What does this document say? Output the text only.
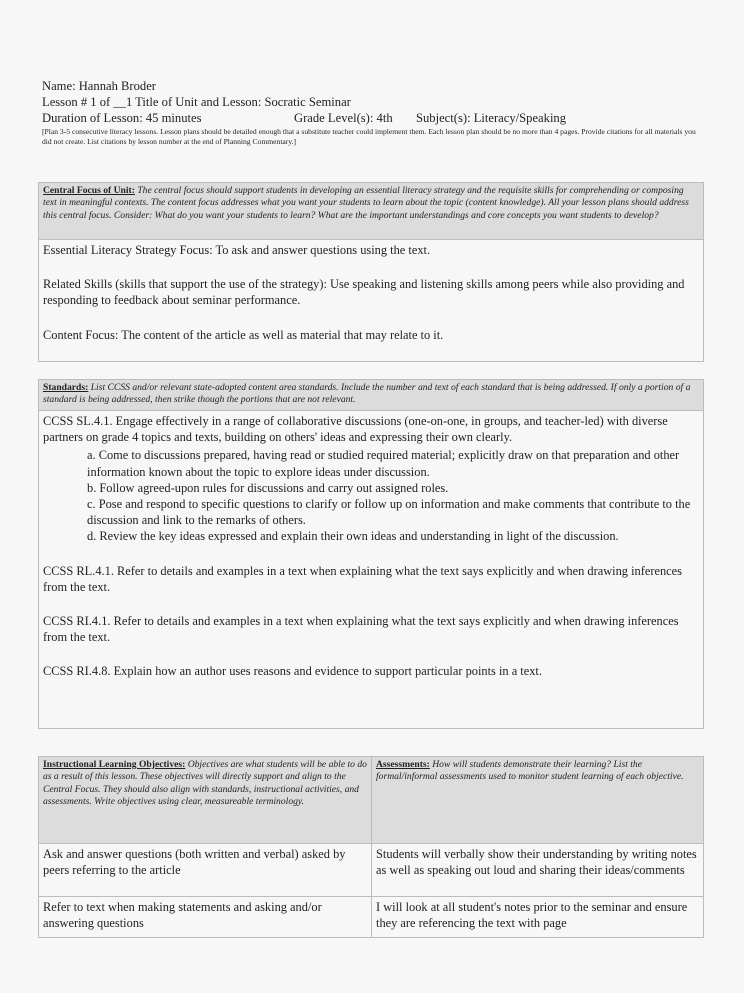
Name: Hannah Broder
Lesson # 1 of __1 Title of Unit and Lesson: Socratic Seminar
Duration of Lesson: 45 minutes	Grade Level(s): 4th Subject(s): Literacy/Speaking
[Plan 3-5 consecutive literacy lessons. Lesson plans should be detailed enough that a substitute teacher could implement them. Each lesson plan should be no more than 4 pages. Provide citations for all materials you did not create. List citations by lesson number at the end of Planning Commentary.]
Central Focus of Unit: The central focus should support students in developing an essential literacy strategy and the requisite skills for comprehending or composing text in meaningful contexts. The content focus addresses what you want your students to learn about the topic (content knowledge). All your lesson plans should address this central focus. Consider: What do you want your students to learn? What are the important understandings and core concepts you want students to develop?

Essential Literacy Strategy Focus: To ask and answer questions using the text.

Related Skills (skills that support the use of the strategy): Use speaking and listening skills among peers while also providing and responding to feedback about seminar performance.

Content Focus: The content of the article as well as material that may relate to it.

Standards: List CCSS and/or relevant state-adopted content area standards. Include the number and text of each standard that is being addressed. If only a portion of a standard is being addressed, then strike though the portions that are not relevant.

CCSS SL.4.1. Engage effectively in a range of collaborative discussions (one-on-one, in groups, and teacher-led) with diverse partners on grade 4 topics and texts, building on others' ideas and expressing their own clearly.

a. Come to discussions prepared, having read or studied required material; explicitly draw on that preparation and other information known about the topic to explore ideas under discussion.

b. Follow agreed-upon rules for discussions and carry out assigned roles.

c. Pose and respond to specific questions to clarify or follow up on information and make comments that contribute to the discussion and link to the remarks of others.

d. Review the key ideas expressed and explain their own ideas and understanding in light of the discussion.

CCSS RL.4.1. Refer to details and examples in a text when explaining what the text says explicitly and when drawing inferences from the text.

CCSS RI.4.1. Refer to details and examples in a text when explaining what the text says explicitly and when drawing inferences from the text.

CCSS RI.4.8. Explain how an author uses reasons and evidence to support particular points in a text.

Instructional Learning Objectives: Objectives are what students will be able to do as a result of this lesson. These objectives will directly support and align to the Central Focus. They should also align with standards, instructional activities, and assessments. Write objectives using clear, measureable terminology.
Assessments: How will students demonstrate their learning? List the formal/informal assessments used to monitor student learning of each objective.
Ask and answer questions (both written and verbal) asked by peers referring to the article
Students will verbally show their understanding by writing notes as well as speaking out loud and sharing their ideas/comments
Refer to text when making statements and asking and/or answering questions
I will look at all student's notes prior to the seminar and ensure they are referencing the text with page
